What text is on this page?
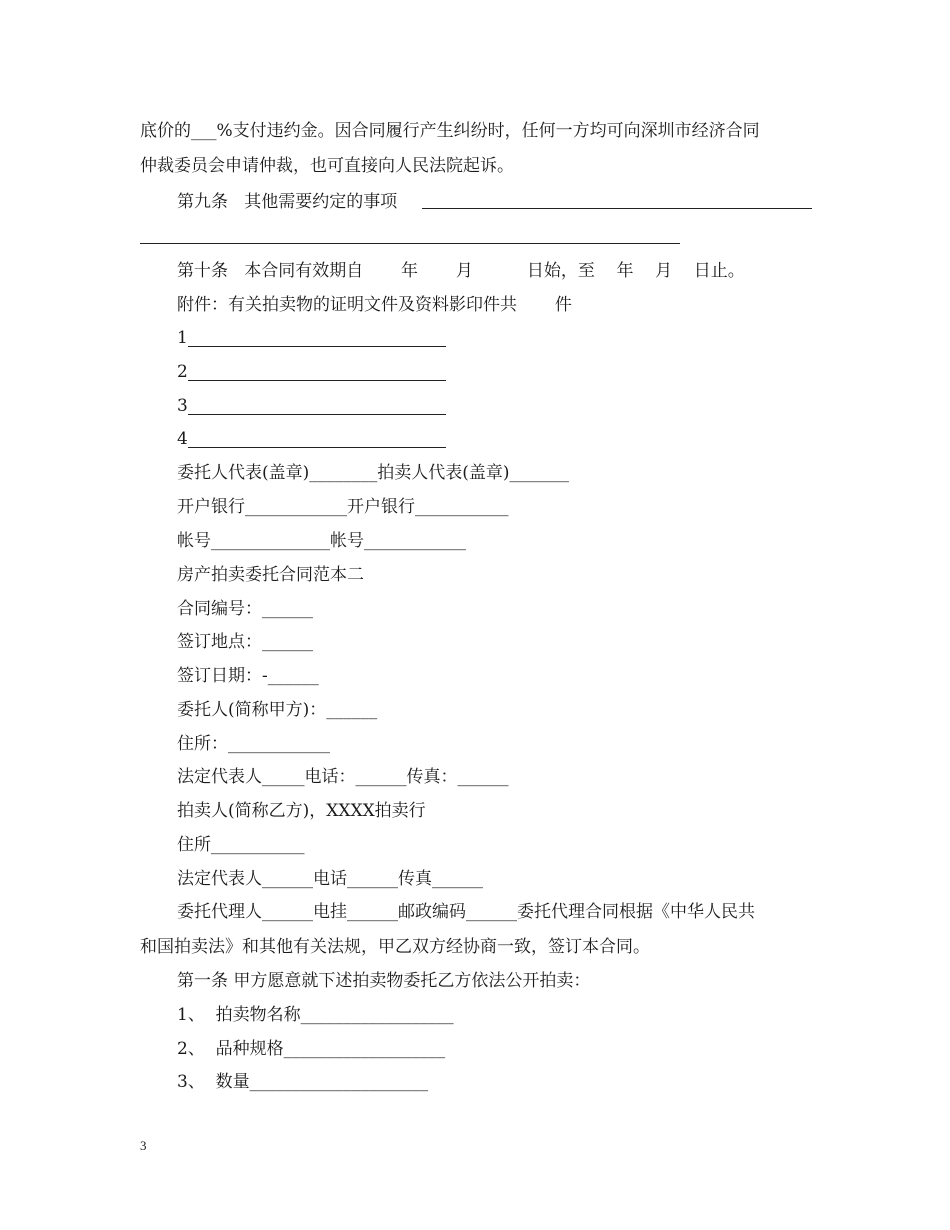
底价的___%支付违约金。因合同履行产生纠纷时，任何一方均可向深圳市经济合同
仲裁委员会申请仲裁，也可直接向人民法院起诉。
第九条   其他需要约定的事项
第十条   本合同有效期自       年       月          日始，至    年    月    日止。
附件：有关拍卖物的证明文件及资料影印件共       件
1
2
3
4
委托人代表(盖章)________拍卖人代表(盖章)_______
开户银行____________开户银行___________
帐号______________帐号____________
房产拍卖委托合同范本二
合同编号：______
签订地点：______
签订日期：-______
委托人(简称甲方)：______
住所：____________
法定代表人_____电话：______传真：______
拍卖人(简称乙方)，XXXX拍卖行
住所___________
法定代表人______电话______传真______
委托代理人______电挂______邮政编码______委托代理合同根据《中华人民共
和国拍卖法》和其他有关法规，甲乙双方经协商一致，签订本合同。
第一条 甲方愿意就下述拍卖物委托乙方依法公开拍卖：
1、  拍卖物名称__________________
2、  品种规格___________________
3、  数量_____________________
3
